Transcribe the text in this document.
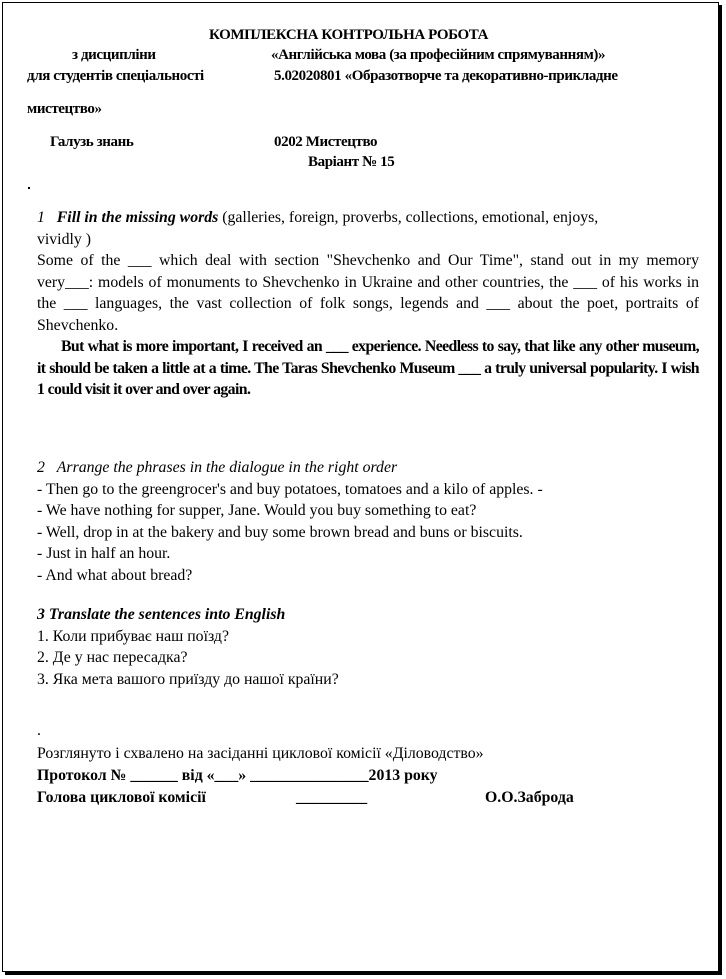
КОМПЛЕКСНА КОНТРОЛЬНА РОБОТА
з дисципліни	«Англійська мова (за професійним спрямуванням)»
для студентів спеціальності	5.02020801 «Образотворче та декоративно-прикладне
мистецтво»
Галузь знань	0202 Мистецтво
Варіант № 15
1 Fill in the missing words (galleries, foreign, proverbs, collections, emotional, enjoys,
vividly )
Some of the ___ which deal with section "Shevchenko and Our Time", stand out in my memory very___: models of monuments to Shevchenko in Ukraine and other countries, the ___ of his works in the ___ languages, the vast collection of folk songs, legends and ___ about the poet, portraits of Shevchenko.
But what is more important, I received an ___ experience. Needless to say, that like any other museum, it should be taken a little at a time. The Taras Shevchenko Museum ___ a truly universal popularity. I wish 1 could visit it over and over again.
2 Arrange the phrases in the dialogue in the right order
- Then go to the greengrocer's and buy potatoes, tomatoes and a kilo of apples. -
- We have nothing for supper, Jane. Would you buy something to eat?
- Well, drop in at the bakery and buy some brown bread and buns or biscuits.
- Just in half an hour.
- And what about bread?
3 Translate the sentences into English
1. Коли прибуває наш поїзд?
2. Де у нас пересадка?
3. Яка мета вашого приїзду до нашої країни?
.
Розглянуто і схвалено на засіданні циклової комісії «Діловодство»
Протокол № ______ від «___» _______________2013 року
Голова циклової комісії	_________	О.О.Заброда
